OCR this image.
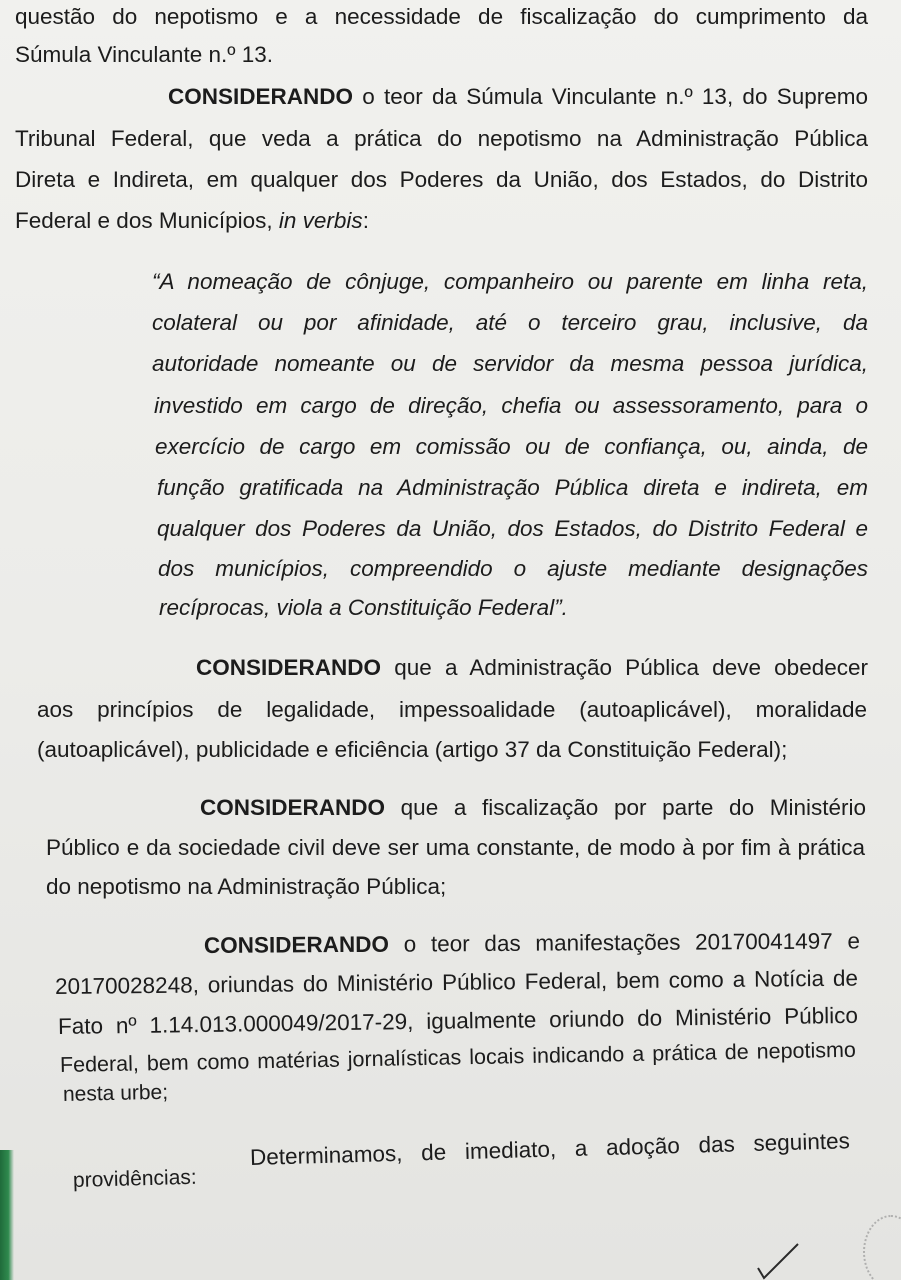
questão do nepotismo e a necessidade de fiscalização do cumprimento da
Súmula Vinculante n.º 13.
CONSIDERANDO o teor da Súmula Vinculante n.º 13, do Supremo
Tribunal Federal, que veda a prática do nepotismo na Administração Pública
Direta e Indireta, em qualquer dos Poderes da União, dos Estados, do Distrito
Federal e dos Municípios, in verbis:
“A nomeação de cônjuge, companheiro ou parente em linha reta,
colateral ou por afinidade, até o terceiro grau, inclusive, da
autoridade nomeante ou de servidor da mesma pessoa jurídica,
investido em cargo de direção, chefia ou assessoramento, para o
exercício de cargo em comissão ou de confiança, ou, ainda, de
função gratificada na Administração Pública direta e indireta, em
qualquer dos Poderes da União, dos Estados, do Distrito Federal e
dos municípios, compreendido o ajuste mediante designações
recíprocas, viola a Constituição Federal”.
CONSIDERANDO que a Administração Pública deve obedecer
aos princípios de legalidade, impessoalidade (autoaplicável), moralidade
(autoaplicável), publicidade e eficiência (artigo 37 da Constituição Federal);
CONSIDERANDO que a fiscalização por parte do Ministério
Público e da sociedade civil deve ser uma constante, de modo à por fim à prática
do nepotismo na Administração Pública;
CONSIDERANDO o teor das manifestações 20170041497 e
20170028248, oriundas do Ministério Público Federal, bem como a Notícia de
Fato nº 1.14.013.000049/2017-29, igualmente oriundo do Ministério Público
Federal, bem como matérias jornalísticas locais indicando a prática de nepotismo
nesta urbe;
Determinamos, de imediato, a adoção das seguintes
providências:
